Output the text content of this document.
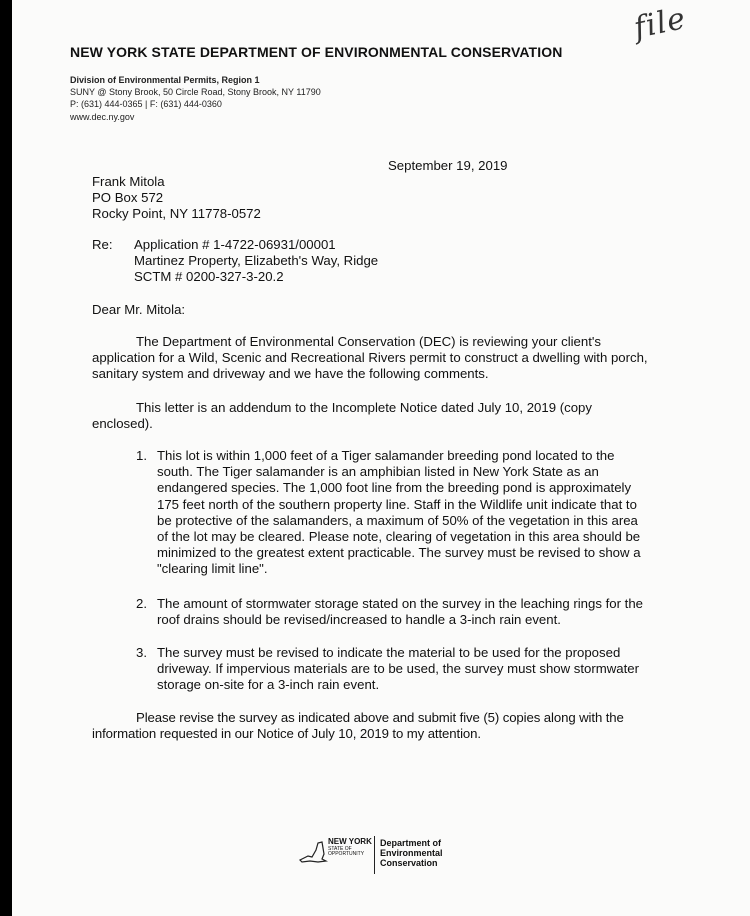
file
NEW YORK STATE DEPARTMENT OF ENVIRONMENTAL CONSERVATION
Division of Environmental Permits, Region 1
SUNY @ Stony Brook, 50 Circle Road, Stony Brook, NY 11790
P: (631) 444-0365 | F: (631) 444-0360
www.dec.ny.gov
September 19, 2019
Frank Mitola
PO Box 572
Rocky Point, NY 11778-0572
Re: Application # 1-4722-06931/00001
Martinez Property, Elizabeth's Way, Ridge
SCTM # 0200-327-3-20.2
Dear Mr. Mitola:
The Department of Environmental Conservation (DEC) is reviewing your client's application for a Wild, Scenic and Recreational Rivers permit to construct a dwelling with porch, sanitary system and driveway and we have the following comments.
This letter is an addendum to the Incomplete Notice dated July 10, 2019 (copy enclosed).
1. This lot is within 1,000 feet of a Tiger salamander breeding pond located to the south. The Tiger salamander is an amphibian listed in New York State as an endangered species. The 1,000 foot line from the breeding pond is approximately 175 feet north of the southern property line. Staff in the Wildlife unit indicate that to be protective of the salamanders, a maximum of 50% of the vegetation in this area of the lot may be cleared. Please note, clearing of vegetation in this area should be minimized to the greatest extent practicable. The survey must be revised to show a "clearing limit line".
2. The amount of stormwater storage stated on the survey in the leaching rings for the roof drains should be revised/increased to handle a 3-inch rain event.
3. The survey must be revised to indicate the material to be used for the proposed driveway. If impervious materials are to be used, the survey must show stormwater storage on-site for a 3-inch rain event.
Please revise the survey as indicated above and submit five (5) copies along with the information requested in our Notice of July 10, 2019 to my attention.
NEW YORK
STATE OF OPPORTUNITY
Department of
Environmental
Conservation
